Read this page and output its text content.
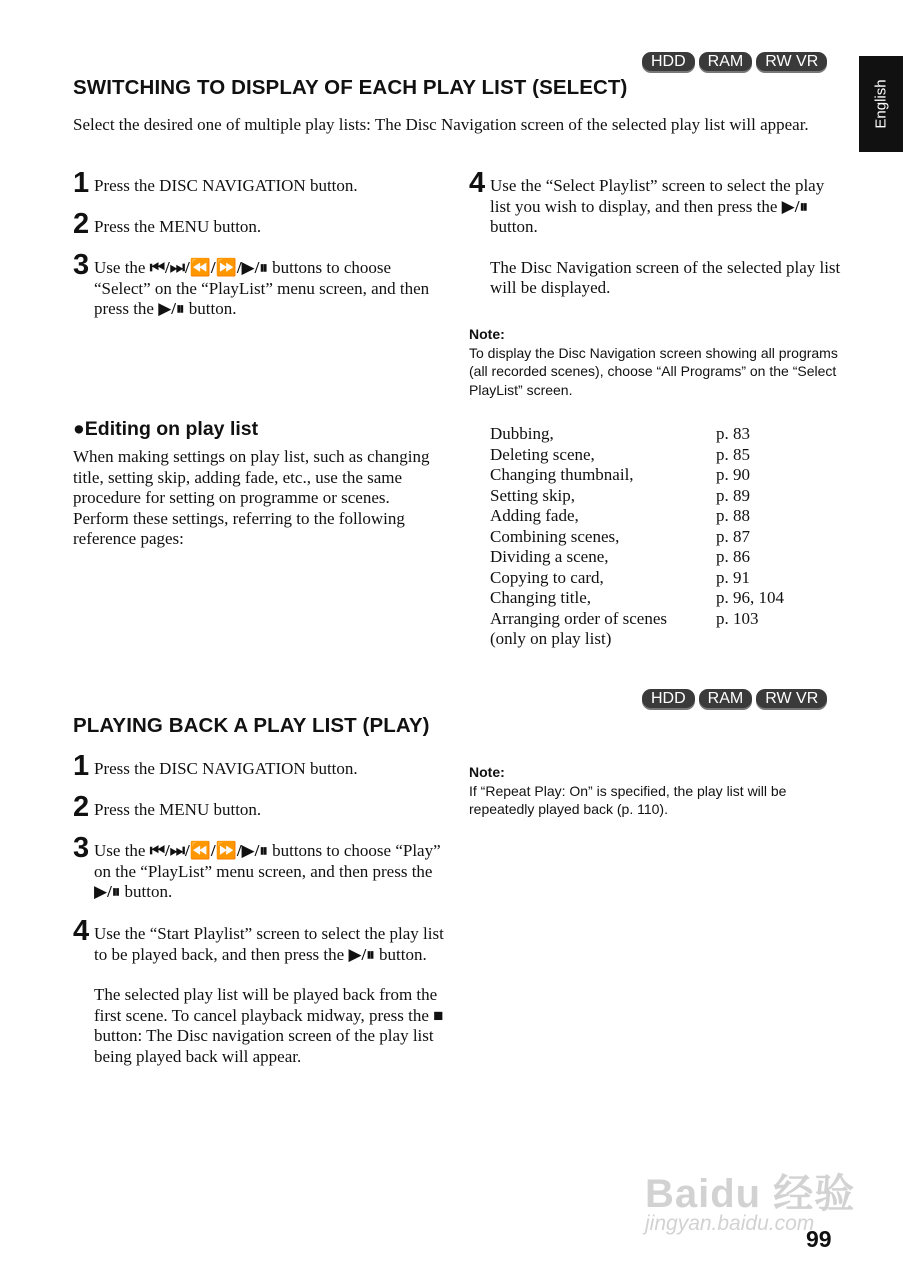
HDD	RAM	RW VR
English
SWITCHING TO DISPLAY OF EACH PLAY LIST (SELECT)
Select the desired one of multiple play lists: The Disc Navigation screen of the selected play list will appear.
1 Press the DISC NAVIGATION button.
2 Press the MENU button.
3 Use the ⏮/⏭/⏪/⏩/▶/⏸ buttons to choose “Select” on the “PlayList” menu screen, and then press the ▶/⏸ button.
4 Use the “Select Playlist” screen to select the play list you wish to display, and then press the ▶/⏸ button.
The Disc Navigation screen of the selected play list will be displayed.
Note:
To display the Disc Navigation screen showing all programs (all recorded scenes), choose “All Programs” on the “Select PlayList” screen.
●Editing on play list
When making settings on play list, such as changing title, setting skip, adding fade, etc., use the same procedure for setting on programme or scenes. Perform these settings, referring to the following reference pages:
Dubbing,	p. 83
Deleting scene,	p. 85
Changing thumbnail,	p. 90
Setting skip,	p. 89
Adding fade,	p. 88
Combining scenes,	p. 87
Dividing a scene,	p. 86
Copying to card,	p. 91
Changing title,	p. 96, 104
Arranging order of scenes	p. 103
(only on play list)
HDD	RAM	RW VR
PLAYING BACK A PLAY LIST (PLAY)
1 Press the DISC NAVIGATION button.
2 Press the MENU button.
3 Use the ⏮/⏭/⏪/⏩/▶/⏸ buttons to choose “Play” on the “PlayList” menu screen, and then press the ▶/⏸ button.
4 Use the “Start Playlist” screen to select the play list to be played back, and then press the ▶/⏸ button.
The selected play list will be played back from the first scene. To cancel playback midway, press the ■ button: The Disc navigation screen of the play list being played back will appear.
Note:
If “Repeat Play: On” is specified, the play list will be repeatedly played back (p. 110).
Baidu 经验
jingyan.baidu.com
99
